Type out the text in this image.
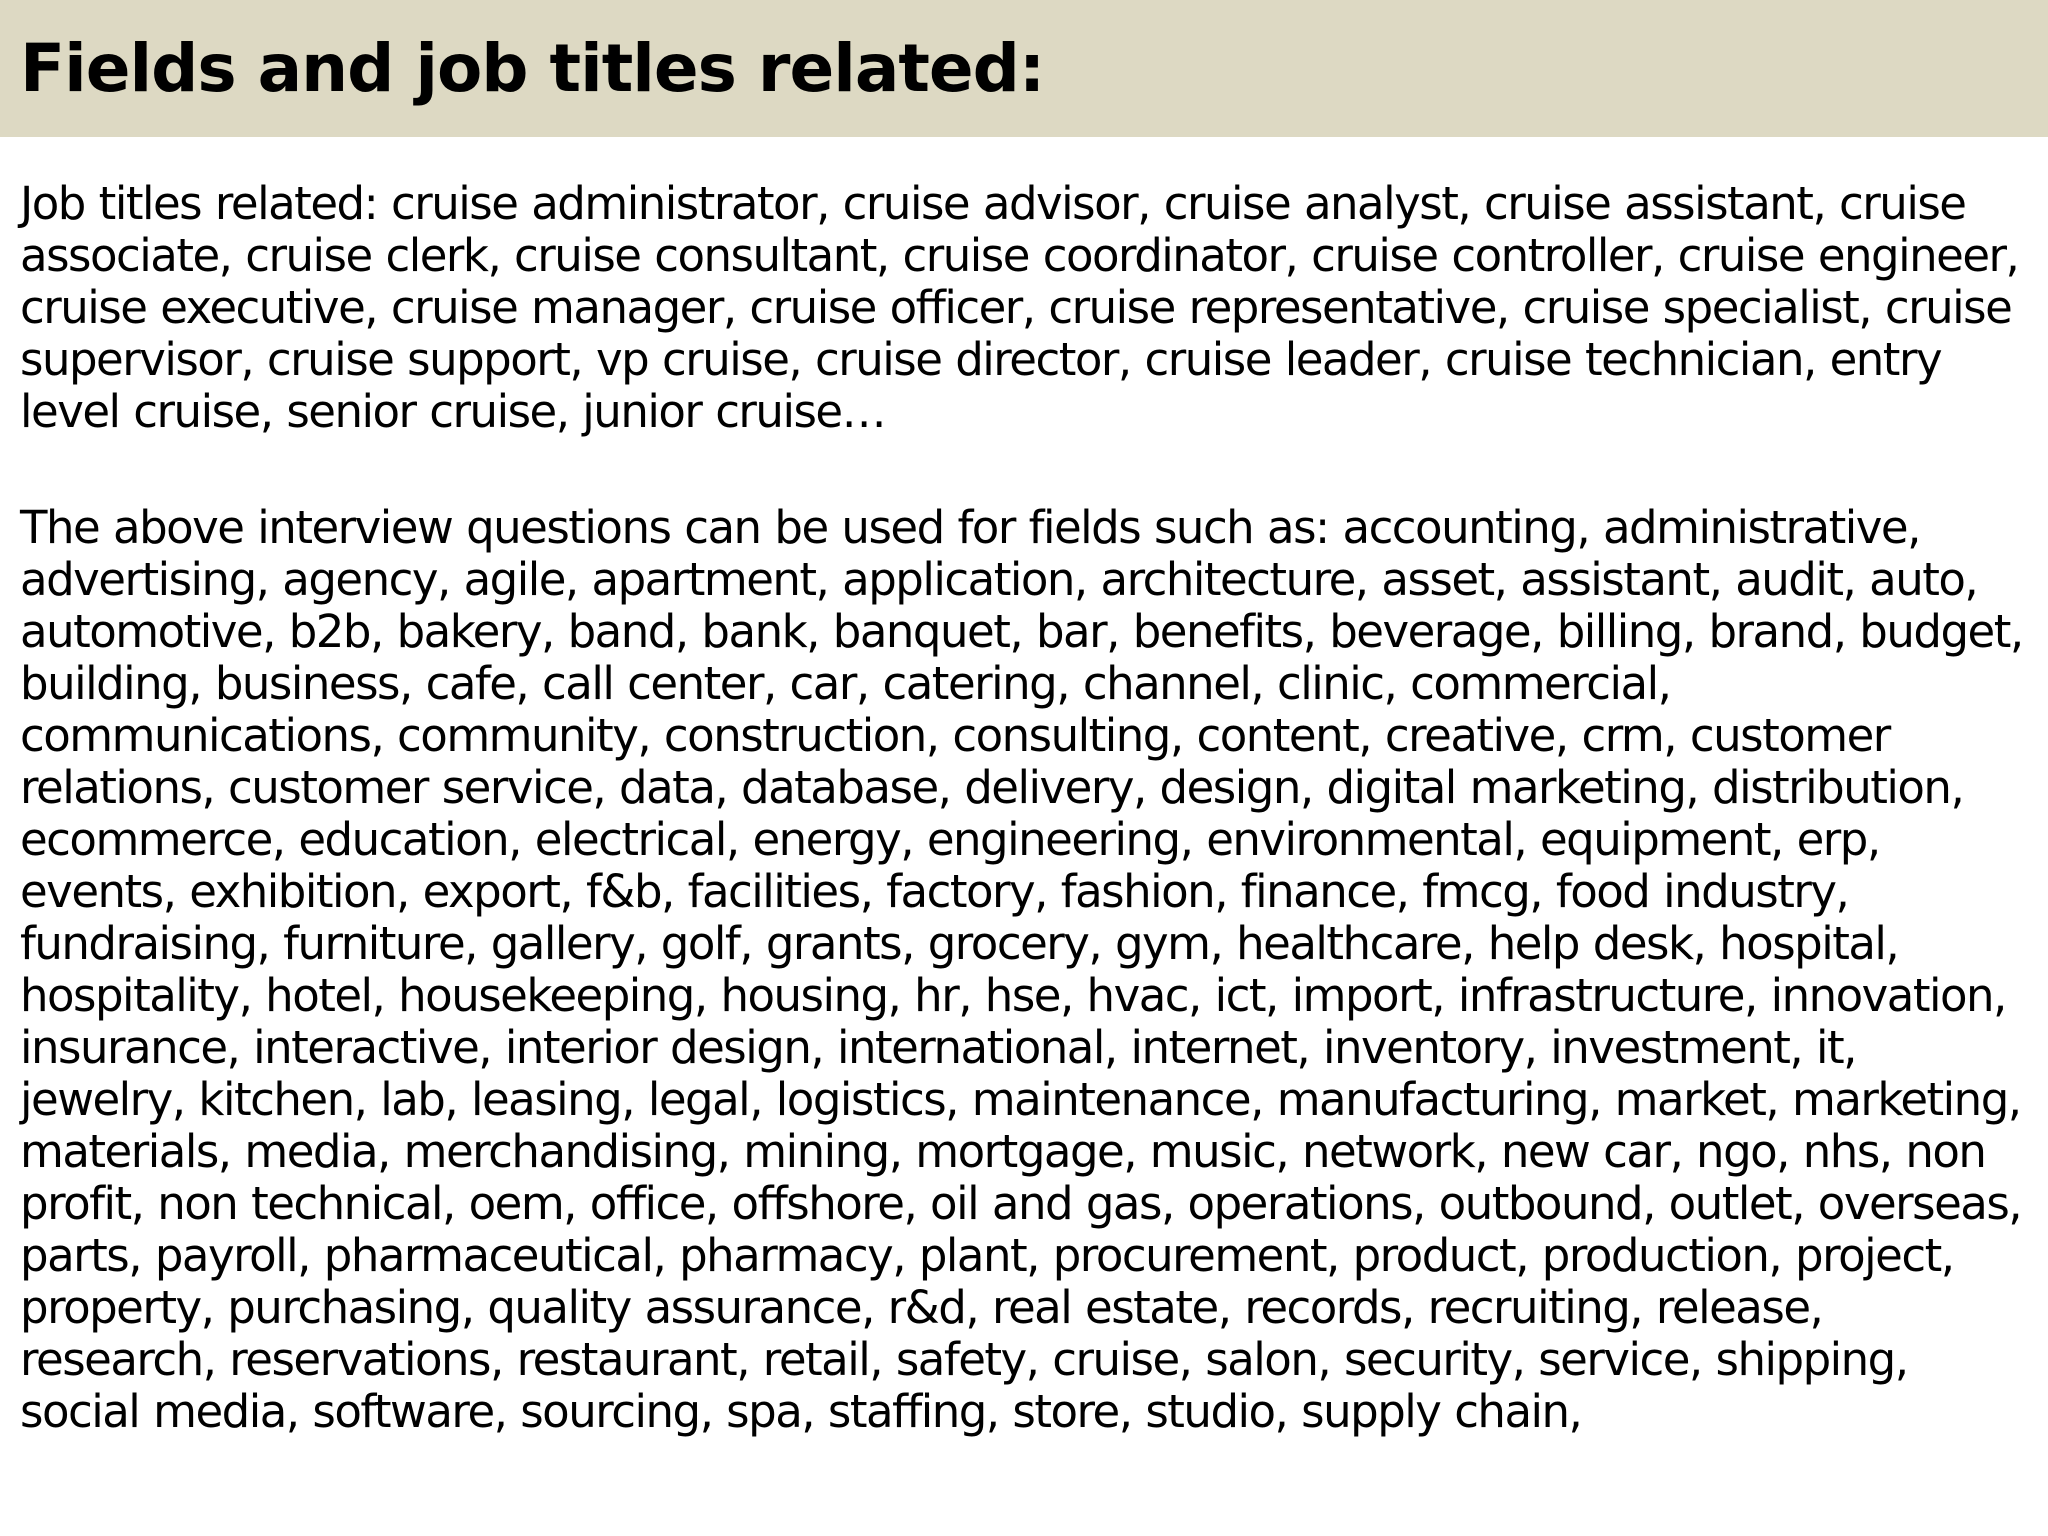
Fields and job titles related:

Job titles related: cruise administrator, cruise advisor, cruise analyst, cruise assistant, cruise associate, cruise clerk, cruise consultant, cruise coordinator, cruise controller, cruise engineer, cruise executive, cruise manager, cruise officer, cruise representative, cruise specialist, cruise supervisor, cruise support, vp cruise, cruise director, cruise leader, cruise technician, entry level cruise, senior cruise, junior cruise…

The above interview questions can be used for fields such as: accounting, administrative, advertising, agency, agile, apartment, application, architecture, asset, assistant, audit, auto, automotive, b2b, bakery, band, bank, banquet, bar, benefits, beverage, billing, brand, budget, building, business, cafe, call center, car, catering, channel, clinic, commercial, communications, community, construction, consulting, content, creative, crm, customer relations, customer service, data, database, delivery, design, digital marketing, distribution, ecommerce, education, electrical, energy, engineering, environmental, equipment, erp, events, exhibition, export, f&b, facilities, factory, fashion, finance, fmcg, food industry, fundraising, furniture, gallery, golf, grants, grocery, gym, healthcare, help desk, hospital, hospitality, hotel, housekeeping, housing, hr, hse, hvac, ict, import, infrastructure, innovation, insurance, interactive, interior design, international, internet, inventory, investment, it, jewelry, kitchen, lab, leasing, legal, logistics, maintenance, manufacturing, market, marketing, materials, media, merchandising, mining, mortgage, music, network, new car, ngo, nhs, non profit, non technical, oem, office, offshore, oil and gas, operations, outbound, outlet, overseas, parts, payroll, pharmaceutical, pharmacy, plant, procurement, product, production, project, property, purchasing, quality assurance, r&d, real estate, records, recruiting, release, research, reservations, restaurant, retail, safety, cruise, salon, security, service, shipping, social media, software, sourcing, spa, staffing, store, studio, supply chain,
